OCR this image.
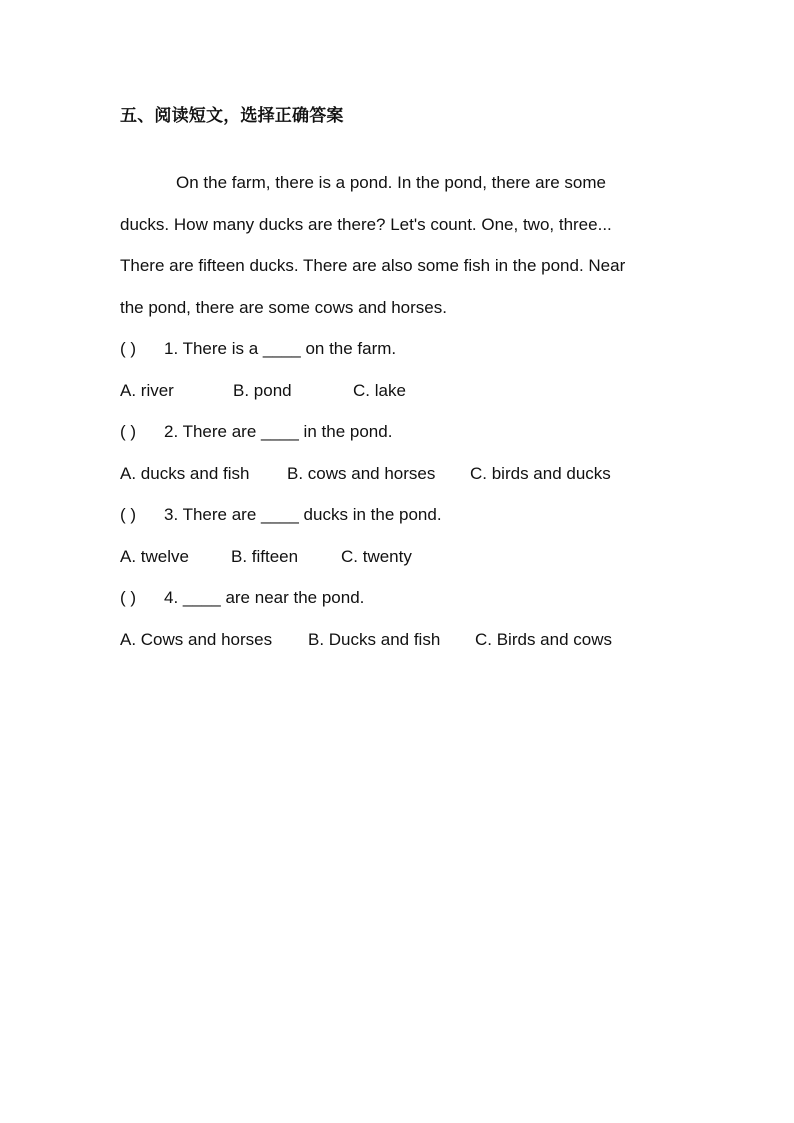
五、阅读短文，选择正确答案
On the farm, there is a pond. In the pond, there are some
ducks. How many ducks are there? Let's count. One, two, three...
There are fifteen ducks. There are also some fish in the pond. Near
the pond, there are some cows and horses.
( ) 1. There is a ____ on the farm.
A. river	B. pond	C. lake
( ) 2. There are ____ in the pond.
A. ducks and fish B. cows and horses C. birds and ducks
( ) 3. There are ____ ducks in the pond.
A. twelve B. fifteen	C. twenty
( ) 4. ____ are near the pond.
A. Cows and horses B. Ducks and fish C. Birds and cows
